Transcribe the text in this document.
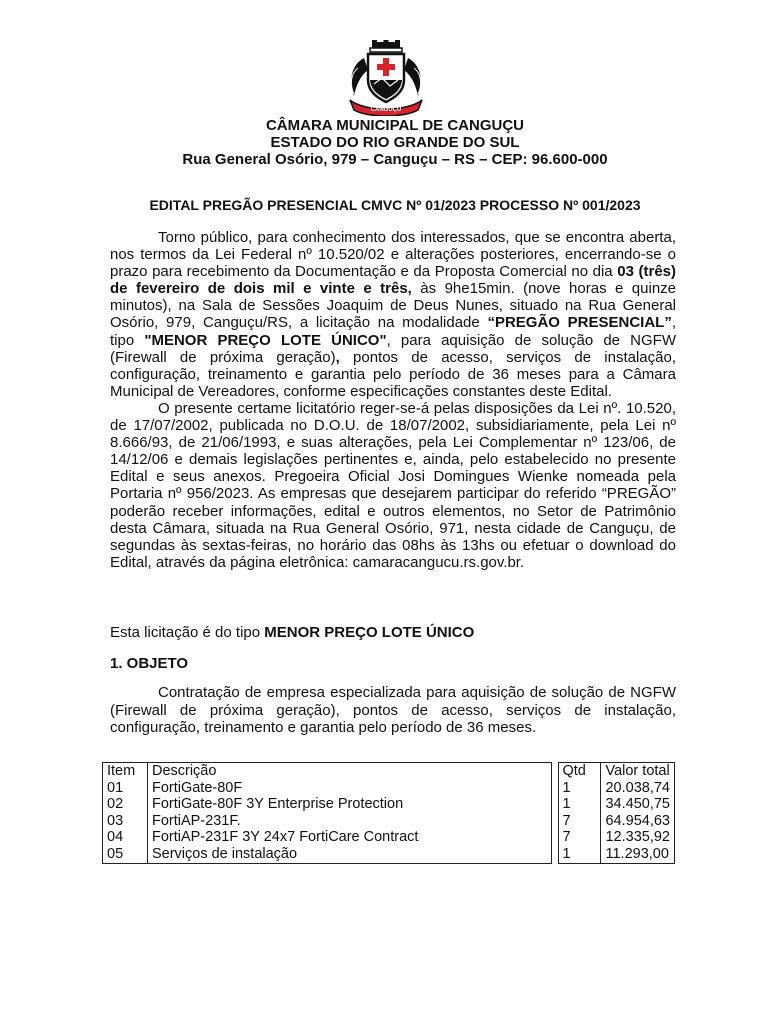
CANGUÇU
CÂMARA MUNICIPAL DE CANGUÇU
ESTADO DO RIO GRANDE DO SUL
Rua General Osório, 979 – Canguçu – RS – CEP: 96.600-000
EDITAL PREGÃO PRESENCIAL CMVC Nº 01/2023 PROCESSO Nº 001/2023

Torno público, para conhecimento dos interessados, que se encontra aberta, nos termos da Lei Federal nº 10.520/02 e alterações posteriores, encerrando-se o prazo para recebimento da Documentação e da Proposta Comercial no dia 03 (três) de fevereiro de dois mil e vinte e três, às 9he15min. (nove horas e quinze minutos), na Sala de Sessões Joaquim de Deus Nunes, situado na Rua General Osório, 979, Canguçu/RS, a licitação na modalidade “PREGÃO PRESENCIAL”, tipo "MENOR PREÇO LOTE ÚNICO", para aquisição de solução de NGFW (Firewall de próxima geração), pontos de acesso, serviços de instalação, configuração, treinamento e garantia pelo período de 36 meses para a Câmara Municipal de Vereadores, conforme especificações constantes deste Edital.

O presente certame licitatório reger-se-á pelas disposições da Lei nº. 10.520, de 17/07/2002, publicada no D.O.U. de 18/07/2002, subsidiariamente, pela Lei nº 8.666/93, de 21/06/1993, e suas alterações, pela Lei Complementar nº 123/06, de 14/12/06 e demais legislações pertinentes e, ainda, pelo estabelecido no presente Edital e seus anexos. Pregoeira Oficial Josi Domingues Wienke nomeada pela Portaria nº 956/2023. As empresas que desejarem participar do referido “PREGÃO” poderão receber informações, edital e outros elementos, no Setor de Patrimônio desta Câmara, situada na Rua General Osório, 971, nesta cidade de Canguçu, de segundas às sextas-feiras, no horário das 08hs às 13hs ou efetuar o download do Edital, através da página eletrônica: camaracangucu.rs.gov.br.

Esta licitação é do tipo MENOR PREÇO LOTE ÚNICO
1. OBJETO

Contratação de empresa especializada para aquisição de solução de NGFW (Firewall de próxima geração), pontos de acesso, serviços de instalação, configuração, treinamento e garantia pelo período de 36 meses.

Item	Descrição		Qtd	Valor total
01	FortiGate-80F		1	20.038,74
02	FortiGate-80F 3Y Enterprise Protection		1	34.450,75
03	FortiAP-231F.		7	64.954,63
04	FortiAP-231F 3Y 24x7 FortiCare Contract		7	12.335,92
05	Serviços de instalação		1	11.293,00
